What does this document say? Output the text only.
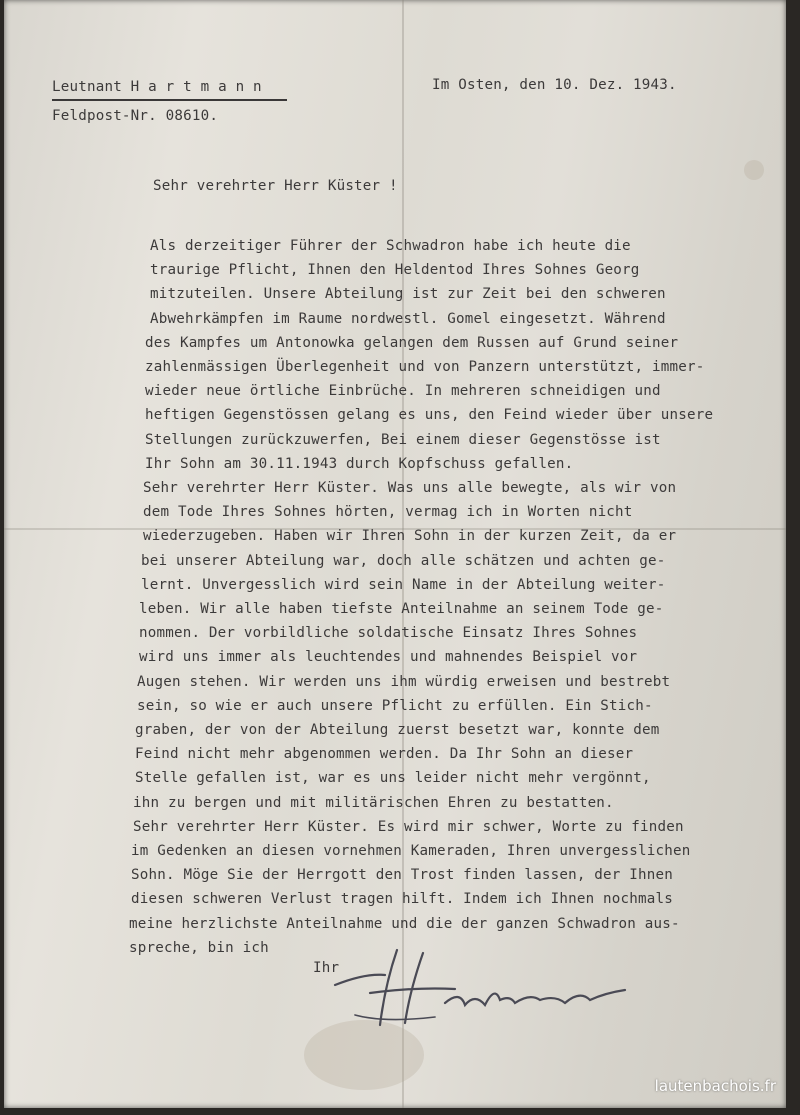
Leutnant H a r t m a n n
Feldpost-Nr. 08610.
Im Osten, den 10. Dez. 1943.
Sehr verehrter Herr Küster !
Als derzeitiger Führer der Schwadron habe ich heute die
traurige Pflicht, Ihnen den Heldentod Ihres Sohnes Georg
mitzuteilen. Unsere Abteilung ist zur Zeit bei den schweren
Abwehrkämpfen im Raume nordwestl. Gomel eingesetzt. Während
des Kampfes um Antonowka gelangen dem Russen auf Grund seiner
zahlenmässigen Überlegenheit und von Panzern unterstützt, immer-
wieder neue örtliche Einbrüche. In mehreren schneidigen und
heftigen Gegenstössen gelang es uns, den Feind wieder über unsere
Stellungen zurückzuwerfen, Bei einem dieser Gegenstösse ist
Ihr Sohn am 30.11.1943 durch Kopfschuss gefallen.
Sehr verehrter Herr Küster. Was uns alle bewegte, als wir von
dem Tode Ihres Sohnes hörten, vermag ich in Worten nicht
wiederzugeben. Haben wir Ihren Sohn in der kurzen Zeit, da er
bei unserer Abteilung war, doch alle schätzen und achten ge-
lernt. Unvergesslich wird sein Name in der Abteilung weiter-
leben. Wir alle haben tiefste Anteilnahme an seinem Tode ge-
nommen. Der vorbildliche soldatische Einsatz Ihres Sohnes
wird uns immer als leuchtendes und mahnendes Beispiel vor
Augen stehen. Wir werden uns ihm würdig erweisen und bestrebt
sein, so wie er auch unsere Pflicht zu erfüllen. Ein Stich-
graben, der von der Abteilung zuerst besetzt war, konnte dem
Feind nicht mehr abgenommen werden. Da Ihr Sohn an dieser
Stelle gefallen ist, war es uns leider nicht mehr vergönnt,
ihn zu bergen und mit militärischen Ehren zu bestatten.
Sehr verehrter Herr Küster. Es wird mir schwer, Worte zu finden
im Gedenken an diesen vornehmen Kameraden, Ihren unvergesslichen
Sohn. Möge Sie der Herrgott den Trost finden lassen, der Ihnen
diesen schweren Verlust tragen hilft. Indem ich Ihnen nochmals
meine herzlichste Anteilnahme und die der ganzen Schwadron aus-
spreche, bin ich
Ihr
lautenbachois.fr
